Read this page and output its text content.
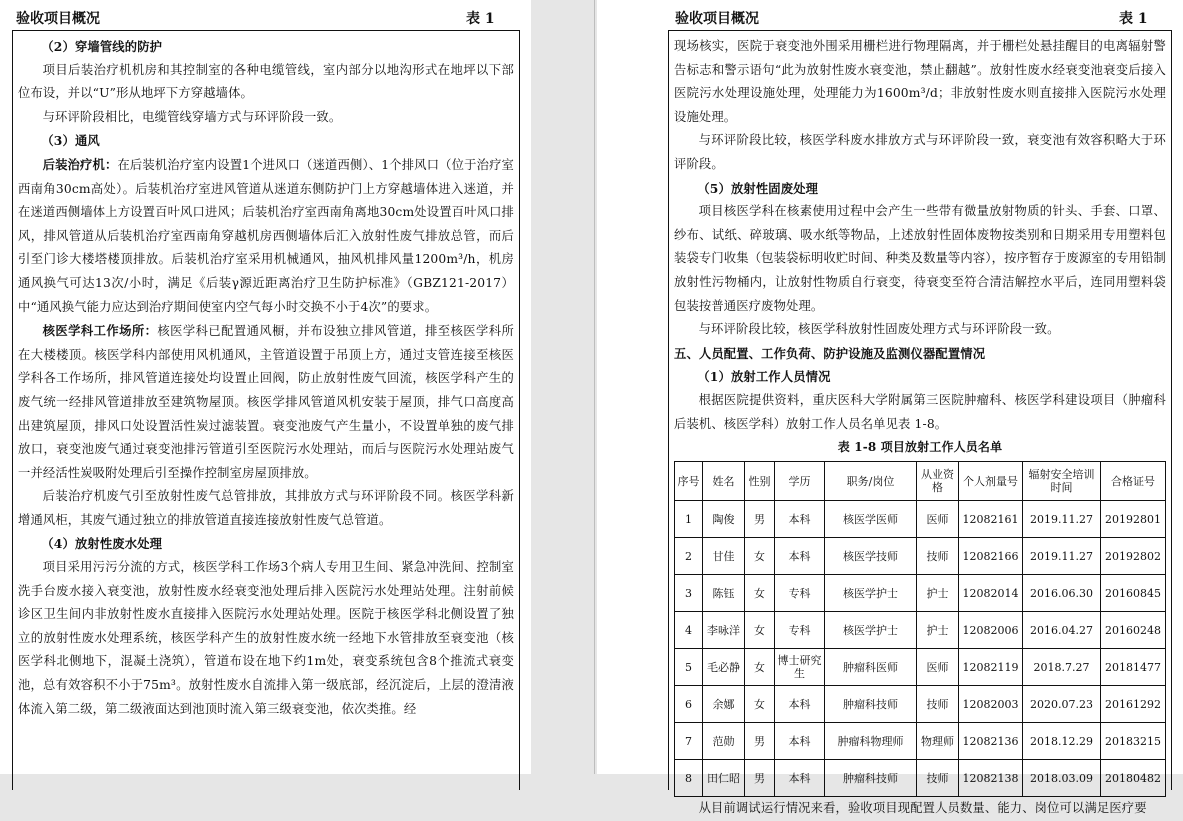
验收项目概况	表 1

（2）穿墙管线的防护

项目后装治疗机机房和其控制室的各种电缆管线，室内部分以地沟形式在地坪以下部位布设，并以“U”形从地坪下方穿越墙体。

与环评阶段相比，电缆管线穿墙方式与环评阶段一致。

（3）通风

后装治疗机：在后装机治疗室内设置1个进风口（迷道西侧）、1个排风口（位于治疗室西南角30cm高处）。后装机治疗室进风管道从迷道东侧防护门上方穿越墙体进入迷道，并在迷道西侧墙体上方设置百叶风口进风；后装机治疗室西南角离地30cm处设置百叶风口排风，排风管道从后装机治疗室西南角穿越机房西侧墙体后汇入放射性废气排放总管，而后引至门诊大楼塔楼顶排放。后装机治疗室采用机械通风，抽风机排风量1200m³/h，机房通风换气可达13次/小时，满足《后装γ源近距离治疗卫生防护标准》（GBZ121-2017）中“通风换气能力应达到治疗期间使室内空气每小时交换不小于4次”的要求。

核医学科工作场所：核医学科已配置通风橱，并布设独立排风管道，排至核医学科所在大楼楼顶。核医学科内部使用风机通风，主管道设置于吊顶上方，通过支管连接至核医学科各工作场所，排风管道连接处均设置止回阀，防止放射性废气回流，核医学科产生的废气统一经排风管道排放至建筑物屋顶。核医学排风管道风机安装于屋顶，排气口高度高出建筑屋顶，排风口处设置活性炭过滤装置。衰变池废气产生量小，不设置单独的废气排放口，衰变池废气通过衰变池排污管道引至医院污水处理站，而后与医院污水处理站废气一并经活性炭吸附处理后引至操作控制室房屋顶排放。

后装治疗机废气引至放射性废气总管排放，其排放方式与环评阶段不同。核医学科新增通风柜，其废气通过独立的排放管道直接连接放射性废气总管道。

（4）放射性废水处理

项目采用污污分流的方式，核医学科工作场3个病人专用卫生间、紧急冲洗间、控制室洗手台废水接入衰变池，放射性废水经衰变池处理后排入医院污水处理站处理。注射前候诊区卫生间内非放射性废水直接排入医院污水处理站处理。医院于核医学科北侧设置了独立的放射性废水处理系统，核医学科产生的放射性废水统一经地下水管排放至衰变池（核医学科北侧地下，混凝土浇筑），管道布设在地下约1m处，衰变系统包含8个推流式衰变池，总有效容积不小于75m³。放射性废水自流排入第一级底部，经沉淀后，上层的澄清液体流入第二级，第二级液面达到池顶时流入第三级衰变池，依次类推。经

验收项目概况	表 1

现场核实，医院于衰变池外围采用栅栏进行物理隔离，并于栅栏处悬挂醒目的电离辐射警告标志和警示语句“此为放射性废水衰变池，禁止翻越”。放射性废水经衰变池衰变后接入医院污水处理设施处理，处理能力为1600m³/d；非放射性废水则直接排入医院污水处理设施处理。

与环评阶段比较，核医学科废水排放方式与环评阶段一致，衰变池有效容积略大于环评阶段。

（5）放射性固废处理

项目核医学科在核素使用过程中会产生一些带有微量放射物质的针头、手套、口罩、纱布、试纸、碎玻璃、吸水纸等物品，上述放射性固体废物按类别和日期采用专用塑料包装袋专门收集（包装袋标明收贮时间、种类及数量等内容），按序暂存于废源室的专用铅制放射性污物桶内，让放射性物质自行衰变，待衰变至符合清洁解控水平后，连同用塑料袋包装按普通医疗废物处理。

与环评阶段比较，核医学科放射性固废处理方式与环评阶段一致。

五、人员配置、工作负荷、防护设施及监测仪器配置情况

（1）放射工作人员情况

根据医院提供资料，重庆医科大学附属第三医院肿瘤科、核医学科建设项目（肿瘤科后装机、核医学科）放射工作人员名单见表 1-8。

表 1-8 项目放射工作人员名单

序号	姓名	性别	学历	职务/岗位	从业资格	个人剂量号	辐射安全培训时间	合格证号
1	陶俊	男	本科	核医学医师	医师	12082161	2019.11.27	20192801
2	甘佳	女	本科	核医学技师	技师	12082166	2019.11.27	20192802
3	陈钰	女	专科	核医学护士	护士	12082014	2016.06.30	20160845
4	李咏洋	女	专科	核医学护士	护士	12082006	2016.04.27	20160248
5	毛必静	女	博士研究生	肿瘤科医师	医师	12082119	2018.7.27	20181477
6	余娜	女	本科	肿瘤科技师	技师	12082003	2020.07.23	20161292
7	范勋	男	本科	肿瘤科物理师	物理师	12082136	2018.12.29	20183215
8	田仁昭	男	本科	肿瘤科技师	技师	12082138	2018.03.09	20180482

从目前调试运行情况来看，验收项目现配置人员数量、能力、岗位可以满足医疗要
